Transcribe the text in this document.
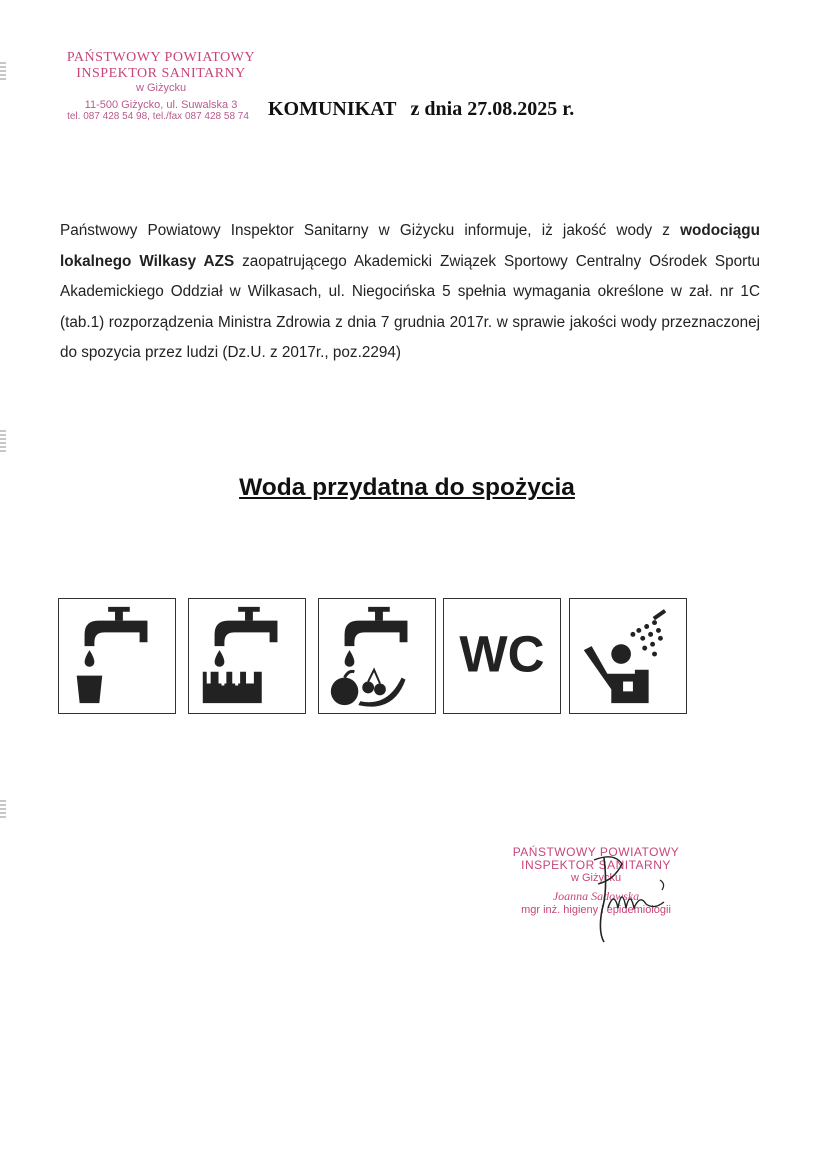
PAŃSTWOWY POWIATOWY
INSPEKTOR SANITARNY
w Giżycku
11-500 Giżycko, ul. Suwalska 3
tel. 087 428 54 98, tel./fax 087 428 58 74 KOMUNIKAT z dnia 27.08.2025 r.
Państwowy Powiatowy Inspektor Sanitarny w Giżycku informuje, iż jakość wody z wodociągu lokalnego Wilkasy AZS zaopatrującego Akademicki Związek Sportowy Centralny Ośrodek Sportu Akademickiego Oddział w Wilkasach, ul. Niegocińska 5 spełnia wymagania określone w zał. nr 1C (tab.1) rozporządzenia Ministra Zdrowia z dnia 7 grudnia 2017r. w sprawie jakości wody przeznaczonej do spozycia przez ludzi (Dz.U. z 2017r., poz.2294)
Woda przydatna do spożycia
WC
PAŃSTWOWY POWIATOWY
INSPEKTOR SANITARNY
w Giżycku
Joanna Sadowska
mgr inż. higieny i epidemiologii
